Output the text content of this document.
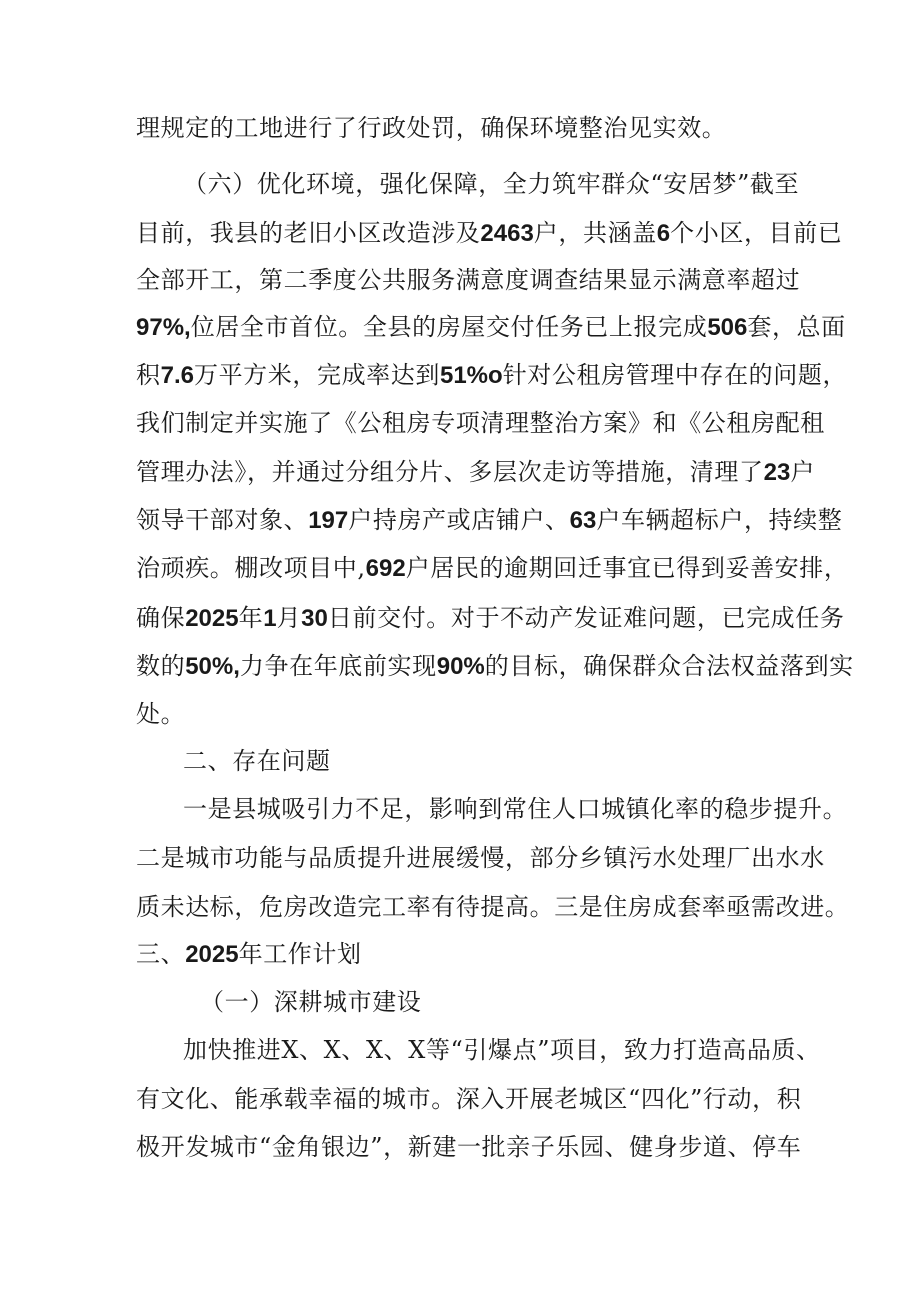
理规定的工地进行了行政处罚，确保环境整治见实效。
（六）优化环境，强化保障，全力筑牢群众“安居梦”截至
目前，我县的老旧小区改造涉及2463户，共涵盖6个小区，目前已
全部开工，第二季度公共服务满意度调查结果显示满意率超过
97%,位居全市首位。全县的房屋交付任务已上报完成506套，总面
积7.6万平方米，完成率达到51%o针对公租房管理中存在的问题，
我们制定并实施了《公租房专项清理整治方案》和《公租房配租
管理办法》，并通过分组分片、多层次走访等措施，清理了23户
领导干部对象、197户持房产或店铺户、63户车辆超标户，持续整
治顽疾。棚改项目中,692户居民的逾期回迁事宜已得到妥善安排，
确保2025年1月30日前交付。对于不动产发证难问题，已完成任务
数的50%,力争在年底前实现90%的目标，确保群众合法权益落到实
处。
二、存在问题
一是县城吸引力不足，影响到常住人口城镇化率的稳步提升。
二是城市功能与品质提升进展缓慢，部分乡镇污水处理厂出水水
质未达标，危房改造完工率有待提高。三是住房成套率亟需改进。
三、2025年工作计划
（一）深耕城市建设
加快推进X、X、X、X等“引爆点”项目，致力打造高品质、
有文化、能承载幸福的城市。深入开展老城区“四化”行动，积
极开发城市“金角银边”，新建一批亲子乐园、健身步道、停车
